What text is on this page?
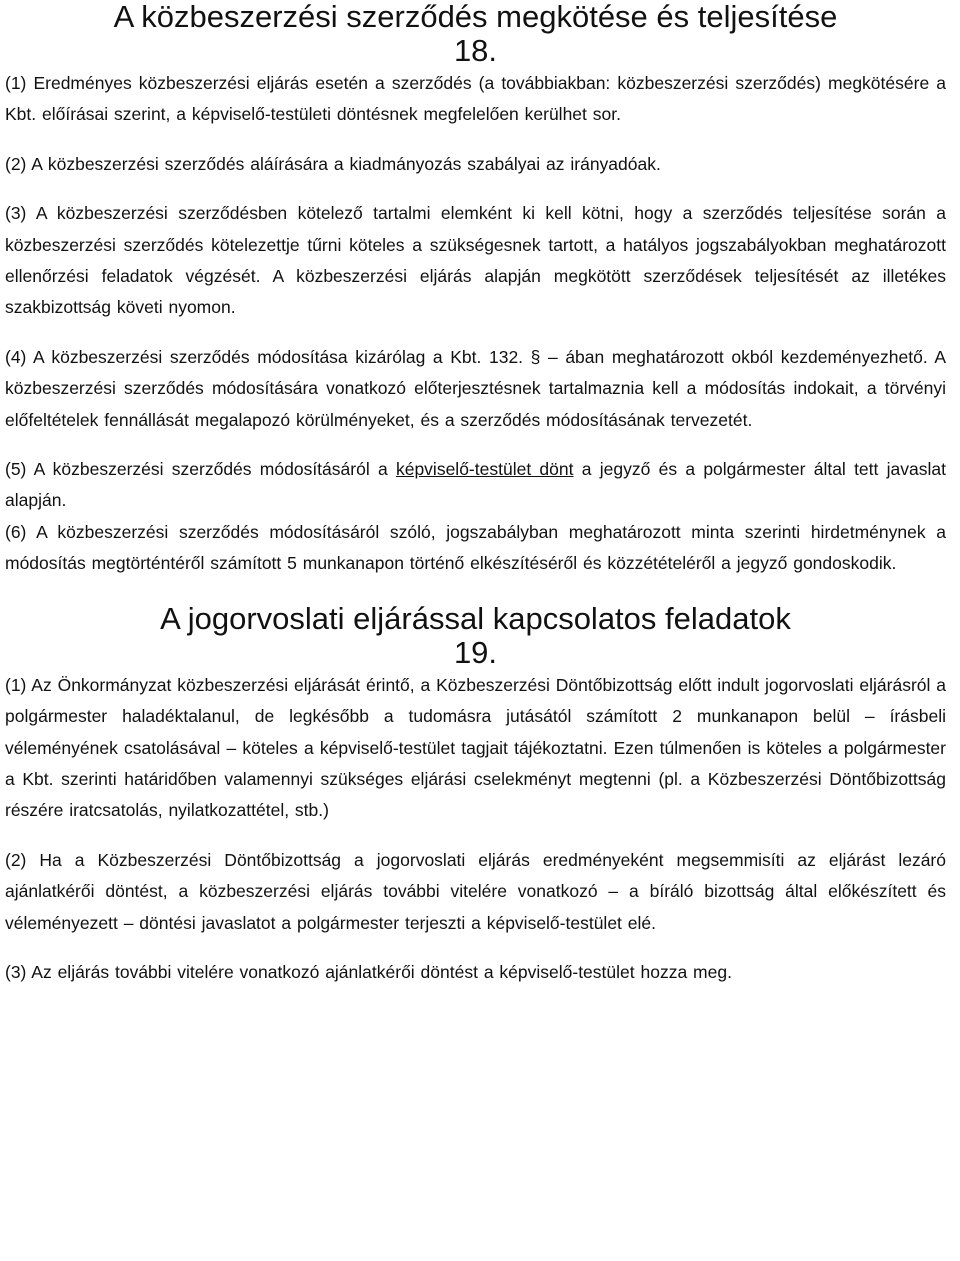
A közbeszerzési szerződés megkötése és teljesítése
18.

(1) Eredményes közbeszerzési eljárás esetén a szerződés (a továbbiakban: közbeszerzési szerződés) megkötésére a Kbt. előírásai szerint, a képviselő-testületi döntésnek megfelelően kerülhet sor.

(2) A közbeszerzési szerződés aláírására a kiadmányozás szabályai az irányadóak.

(3) A közbeszerzési szerződésben kötelező tartalmi elemként ki kell kötni, hogy a szerződés teljesítése során a közbeszerzési szerződés kötelezettje tűrni köteles a szükségesnek tartott, a hatályos jogszabályokban meghatározott ellenőrzési feladatok végzését. A közbeszerzési eljárás alapján megkötött szerződések teljesítését az illetékes szakbizottság követi nyomon.

(4) A közbeszerzési szerződés módosítása kizárólag a Kbt. 132. § – ában meghatározott okból kezdeményezhető. A közbeszerzési szerződés módosítására vonatkozó előterjesztésnek tartalmaznia kell a módosítás indokait, a törvényi előfeltételek fennállását megalapozó körülményeket, és a szerződés módosításának tervezetét.

(5) A közbeszerzési szerződés módosításáról a képviselő-testület dönt a jegyző és a polgármester által tett javaslat alapján.

(6) A közbeszerzési szerződés módosításáról szóló, jogszabályban meghatározott minta szerinti hirdetménynek a módosítás megtörténtéről számított 5 munkanapon történő elkészítéséről és közzétételéről a jegyző gondoskodik.

A jogorvoslati eljárással kapcsolatos feladatok
19.

(1) Az Önkormányzat közbeszerzési eljárását érintő, a Közbeszerzési Döntőbizottság előtt indult jogorvoslati eljárásról a polgármester haladéktalanul, de legkésőbb a tudomásra jutásától számított 2 munkanapon belül – írásbeli véleményének csatolásával – köteles a képviselő-testület tagjait tájékoztatni. Ezen túlmenően is köteles a polgármester a Kbt. szerinti határidőben valamennyi szükséges eljárási cselekményt megtenni (pl. a Közbeszerzési Döntőbizottság részére iratcsatolás, nyilatkozattétel, stb.)

(2) Ha a Közbeszerzési Döntőbizottság a jogorvoslati eljárás eredményeként megsemmisíti az eljárást lezáró ajánlatkérői döntést, a közbeszerzési eljárás további vitelére vonatkozó – a bíráló bizottság által előkészített és véleményezett – döntési javaslatot a polgármester terjeszti a képviselő-testület elé.

(3) Az eljárás további vitelére vonatkozó ajánlatkérői döntést a képviselő-testület hozza meg.
